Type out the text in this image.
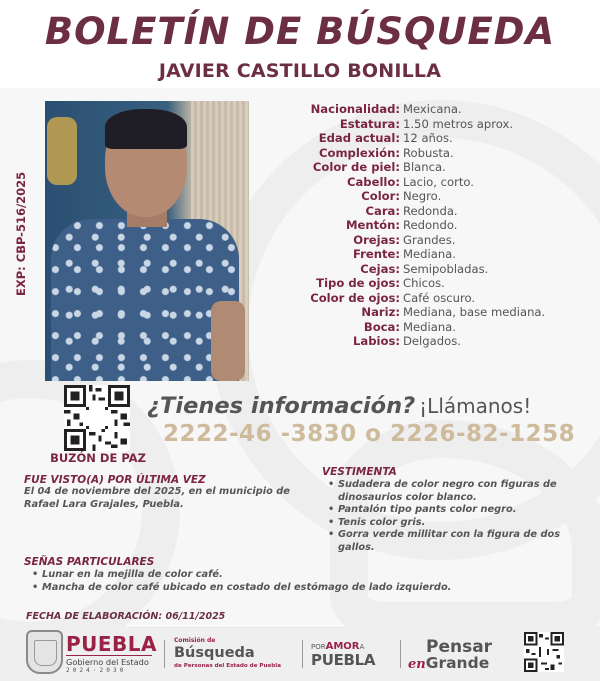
BOLETÍN DE BÚSQUEDA
JAVIER CASTILLO BONILLA
EXP: CBP-516/2025
Nacionalidad: Mexicana.
Estatura: 1.50 metros aprox.
Edad actual: 12 años.
Complexión: Robusta.
Color de piel: Blanca.
Cabello: Lacio, corto.
Color: Negro.
Cara: Redonda.
Mentón: Redondo.
Orejas: Grandes.
Frente: Mediana.
Cejas: Semipobladas.
Tipo de ojos: Chicos.
Color de ojos: Café oscuro.
Nariz: Mediana, base mediana.
Boca: Mediana.
Labios: Delgados.
BUZÓN DE PAZ
¿Tienes información? ¡Llámanos!
2222-46 -3830 o 2226-82-1258
FUE VISTO(A) POR ÚLTIMA VEZ
El 04 de noviembre del 2025, en el municipio de Rafael Lara Grajales, Puebla.
VESTIMENTA
• Sudadera de color negro con figuras de dinosaurios color blanco.
• Pantalón tipo pants color negro.
• Tenis color gris.
• Gorra verde millitar con la figura de dos gallos.
SEÑAS PARTICULARES
• Lunar en la mejilla de color café.
• Mancha de color café ubicado en costado del estómago de lado izquierdo.
FECHA DE ELABORACIÓN: 06/11/2025
PUEBLA
Gobierno del Estado
2024·2030
Comisión de
Búsqueda
de Personas del Estado de Puebla
PORAMORA
PUEBLA
Pensar
enGrande
